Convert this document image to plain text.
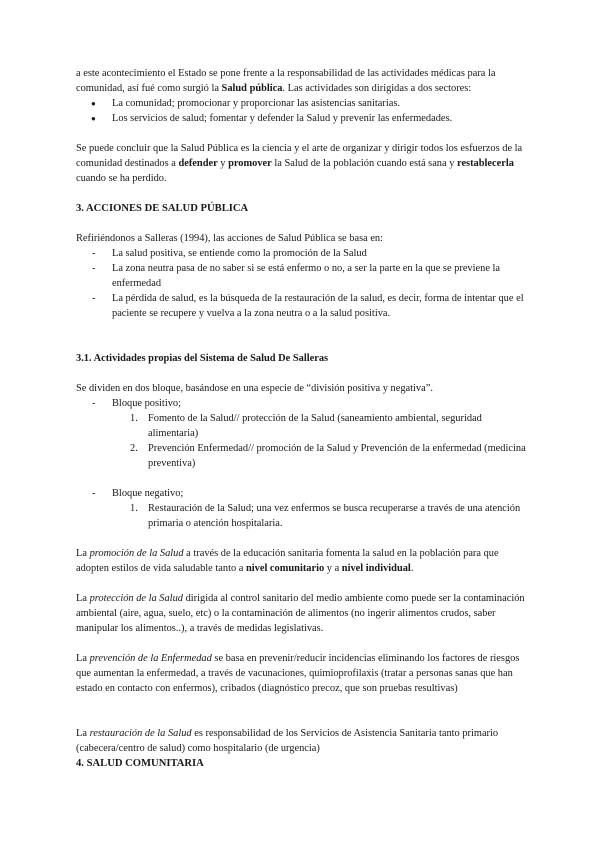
a este acontecimiento el Estado se pone frente a la responsabilidad de las actividades médicas para la comunidad, así fué como surgió la Salud pública. Las actividades son dirigidas a dos sectores:

● La comunidad; promocionar y proporcionar las asistencias sanitarias.
● Los servicios de salud; fomentar y defender la Salud y prevenir las enfermedades.

Se puede concluir que la Salud Pública es la ciencia y el arte de organizar y dirigir todos los esfuerzos de la comunidad destinados a defender y promover la Salud de la población cuando está sana y restablecerla cuando se ha perdido.

3. ACCIONES DE SALUD PÚBLICA

Refiriéndonos a Salleras (1994), las acciones de Salud Pública se basa en:

- La salud positiva, se entiende como la promoción de la Salud
- La zona neutra pasa de no saber si se está enfermo o no, a ser la parte en la que se previene la enfermedad
- La pérdida de salud, es la búsqueda de la restauración de la salud, es decir, forma de intentar que el paciente se recupere y vuelva a la zona neutra o a la salud positiva.
3.1. Actividades propias del Sistema de Salud De Salleras

Se dividen en dos bloque, basándose en una especie de “división positiva y negativa”.

- Bloque positivo;
1. Fomento de la Salud// protección de la Salud (saneamiento ambiental, seguridad alimentaria)
2. Prevención Enfermedad// promoción de la Salud y Prevención de la enfermedad (medicina preventiva)
- Bloque negativo;
1. Restauración de la Salud; una vez enfermos se busca recuperarse a través de una atención primaria o atención hospitalaria.

La promoción de la Salud a través de la educación sanitaria fomenta la salud en la población para que adopten estilos de vida saludable tanto a nivel comunitario y a nivel individual.

La protección de la Salud dirigida al control sanitario del medio ambiente como puede ser la contaminación ambiental (aire, agua, suelo, etc) o la contaminación de alimentos (no ingerir alimentos crudos, saber manipular los alimentos..), a través de medidas legislativas.

La prevención de la Enfermedad se basa en prevenir/reducir incidencias eliminando los factores de riesgos que aumentan la enfermedad, a través de vacunaciones, quimioprofilaxis (tratar a personas sanas que han estado en contacto con enfermos), cribados (diagnóstico precoz, que son pruebas resultivas)

La restauración de la Salud es responsabilidad de los Servicios de Asistencia Sanitaria tanto primario (cabecera/centro de salud) como hospitalario (de urgencia)

4. SALUD COMUNITARIA
